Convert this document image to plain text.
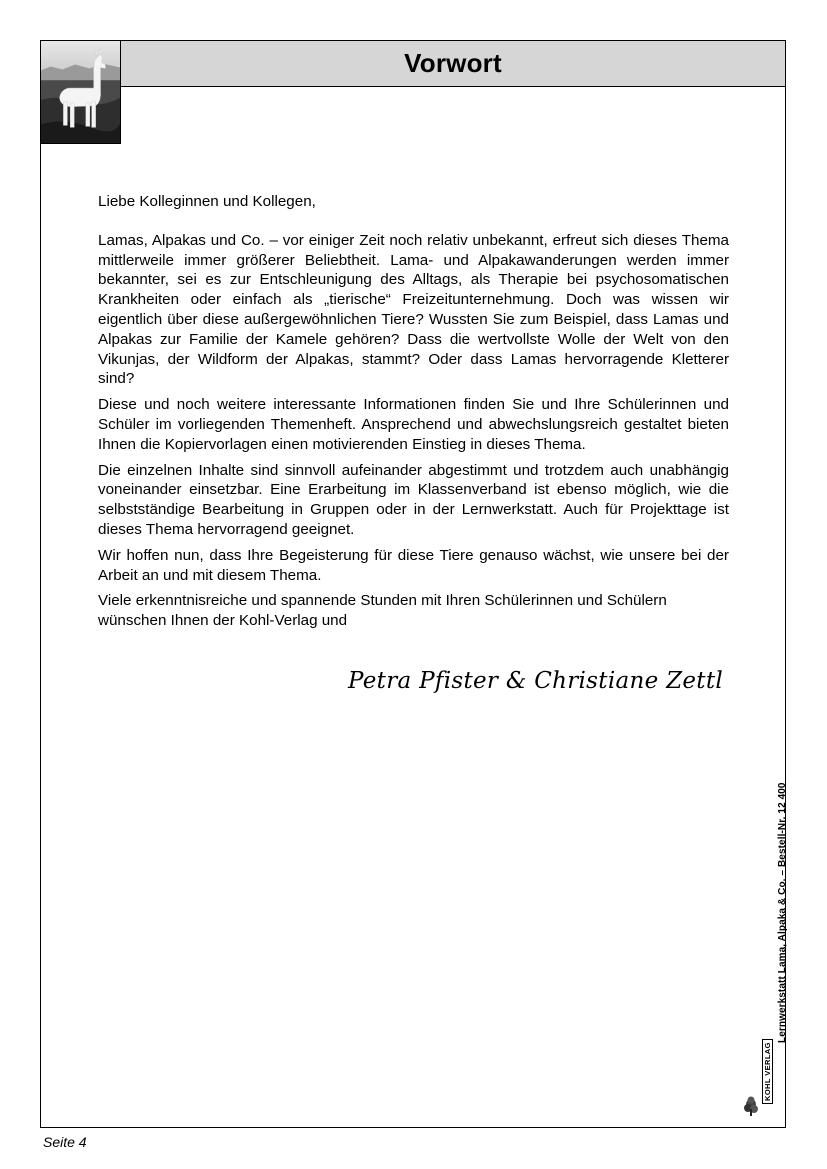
Vorwort

Liebe Kolleginnen und Kollegen,

Lamas, Alpakas und Co. – vor einiger Zeit noch relativ unbekannt, erfreut sich dieses Thema mittlerweile immer größerer Beliebtheit. Lama- und Alpakawanderungen werden immer bekannter, sei es zur Entschleunigung des Alltags, als Therapie bei psychosomatischen Krankheiten oder einfach als „tierische“ Freizeitunternehmung. Doch was wissen wir eigentlich über diese außergewöhnlichen Tiere? Wussten Sie zum Beispiel, dass Lamas und Alpakas zur Familie der Kamele gehören? Dass die wertvollste Wolle der Welt von den Vikunjas, der Wildform der Alpakas, stammt? Oder dass Lamas hervorragende Kletterer sind?

Diese und noch weitere interessante Informationen finden Sie und Ihre Schülerinnen und Schüler im vorliegenden Themenheft. Ansprechend und abwechslungsreich gestaltet bieten Ihnen die Kopiervorlagen einen motivierenden Einstieg in dieses Thema.

Die einzelnen Inhalte sind sinnvoll aufeinander abgestimmt und trotzdem auch unabhängig voneinander einsetzbar. Eine Erarbeitung im Klassenverband ist ebenso möglich, wie die selbstständige Bearbeitung in Gruppen oder in der Lernwerkstatt. Auch für Projekttage ist dieses Thema hervorragend geeignet.

Wir hoffen nun, dass Ihre Begeisterung für diese Tiere genauso wächst, wie unsere bei der Arbeit an und mit diesem Thema.

Viele erkenntnisreiche und spannende Stunden mit Ihren Schülerinnen und Schülern wünschen Ihnen der Kohl-Verlag und

Petra Pfister & Christiane Zettl
Lernwerkstatt Lama, Alpaka & Co. – Bestell-Nr. 12 400
KOHL VERLAG
Seite 4
